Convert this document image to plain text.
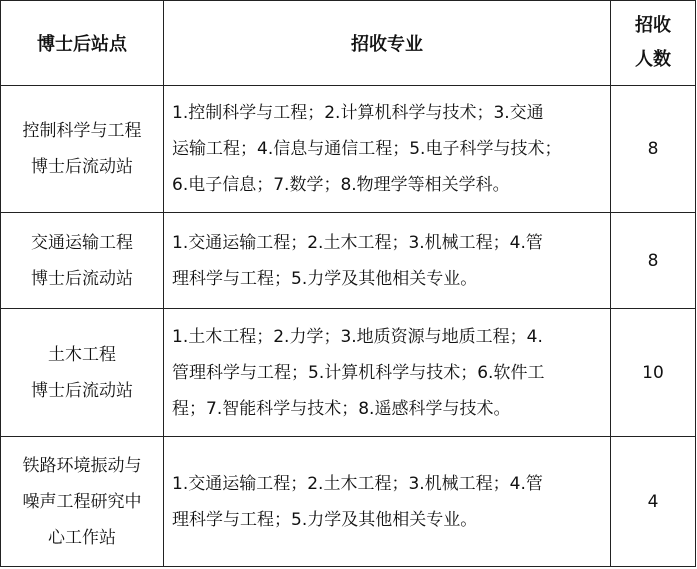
博士后站点	招收专业	招收
人数

控制科学与工程
博士后流动站	1.控制科学与工程；2.计算机科学与技术；3.交通
运输工程；4.信息与通信工程；5.电子科学与技术；
6.电子信息；7.数学；8.物理学等相关学科。	8

交通运输工程
博士后流动站	1.交通运输工程；2.土木工程；3.机械工程；4.管
理科学与工程；5.力学及其他相关专业。	8

土木工程
博士后流动站	1.土木工程；2.力学；3.地质资源与地质工程；4.
管理科学与工程；5.计算机科学与技术；6.软件工
程；7.智能科学与技术；8.遥感科学与技术。	10

铁路环境振动与
噪声工程研究中
心工作站	1.交通运输工程；2.土木工程；3.机械工程；4.管
理科学与工程；5.力学及其他相关专业。	4
